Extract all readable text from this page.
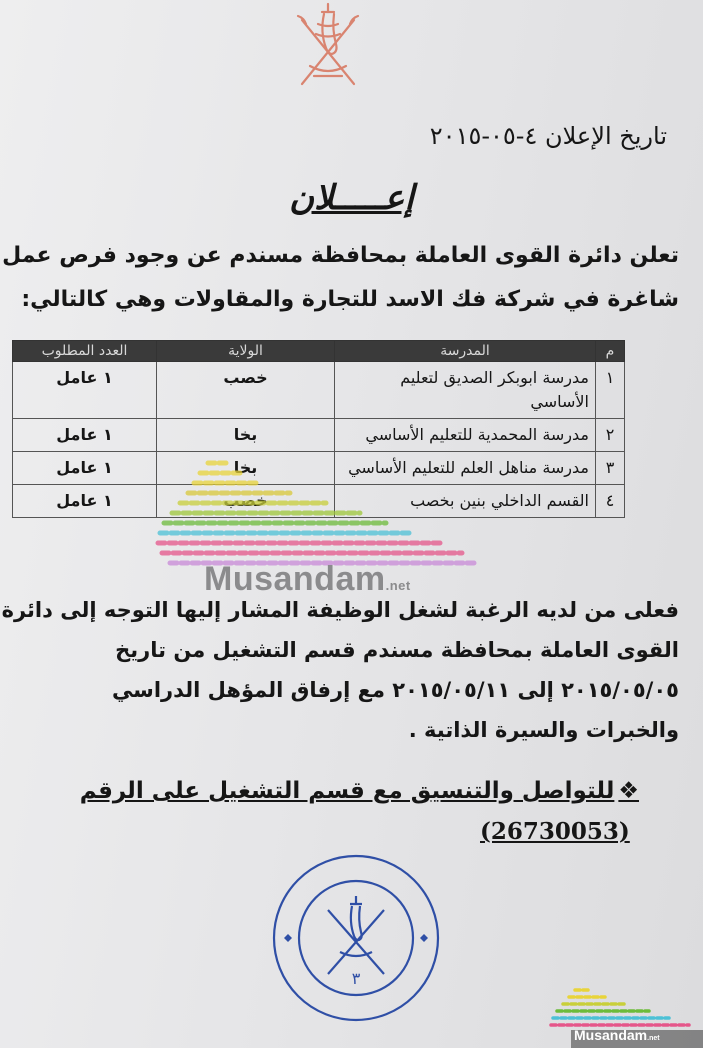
تاريخ الإعلان ٤-٠٥-٢٠١٥
إعـــــلان
تعلن دائرة القوى العاملة بمحافظة مسندم عن وجود فرص عمل
شاغرة في شركة فك الاسد للتجارة والمقاولات وهي كالتالي:
م	المدرسة	الولاية	العدد المطلوب
١	مدرسة ابوبكر الصديق لتعليم الأساسي	خصب	١ عامل
٢	مدرسة المحمدية للتعليم الأساسي	بخا	١ عامل
٣	مدرسة مناهل العلم للتعليم الأساسي	بخا	١ عامل
٤	القسم الداخلي بنين بخصب	خصب	١ عامل
Musandam.net
فعلى من لديه الرغبة لشغل الوظيفة المشار إليها التوجه إلى دائرة
القوى العاملة بمحافظة مسندم قسم التشغيل من تاريخ
٢٠١٥/٠٥/٠٥ إلى ٢٠١٥/٠٥/١١ مع إرفاق المؤهل الدراسي
والخبرات والسيرة الذاتية .
❖للتواصل والتنسيق مع قسم التشغيل على الرقم
(26730053)
٣
Musandam.net
